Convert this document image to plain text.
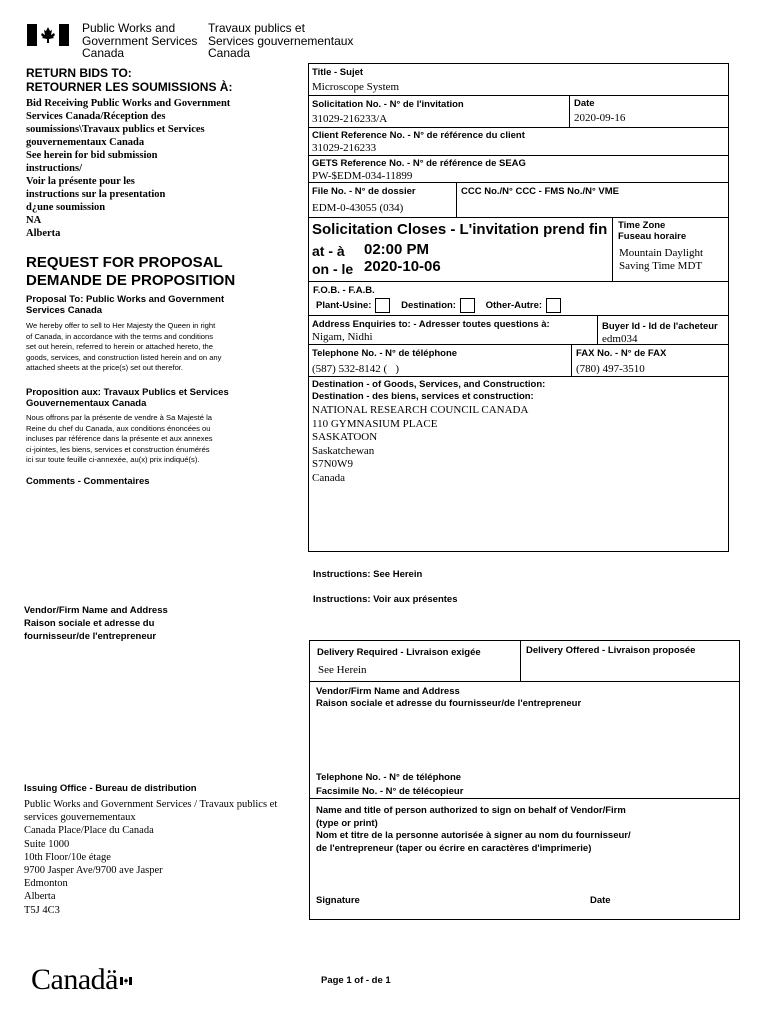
Public Works and
Government Services
Canada
Travaux publics et
Services gouvernementaux
Canada
RETURN BIDS TO:
RETOURNER LES SOUMISSIONS À:
Bid Receiving Public Works and Government
Services Canada/Réception des
soumissions\Travaux publics et Services
gouvernementaux Canada
See herein for bid submission
instructions/
Voir la présente pour les
instructions sur la presentation
d¿une soumission
NA
Alberta
REQUEST FOR PROPOSAL
DEMANDE DE PROPOSITION
Proposal To: Public Works and Government Services Canada
We hereby offer to sell to Her Majesty the Queen in right
of Canada, in accordance with the terms and conditions
set out herein, referred to herein or attached hereto, the
goods, services, and construction listed herein and on any
attached sheets at the price(s) set out therefor.
Proposition aux: Travaux Publics et Services
Gouvernementaux Canada
Nous offrons par la présente de vendre à Sa Majesté la
Reine du chef du Canada, aux conditions énoncées ou
incluses par référence dans la présente et aux annexes
ci-jointes, les biens, services et construction énumérés
ici sur toute feuille ci-annexée, au(x) prix indiqué(s).
Comments - Commentaires
Vendor/Firm Name and Address
Raison sociale et adresse du
fournisseur/de l'entrepreneur
Issuing Office - Bureau de distribution
Public Works and Government Services / Travaux publics et
services gouvernementaux
Canada Place/Place du Canada
Suite 1000
10th Floor/10e étage
9700 Jasper Ave/9700 ave Jasper
Edmonton
Alberta
T5J 4C3
Title - Sujet
Microscope System
Solicitation No. - N° de l'invitation
31029-216233/A
Date
2020-09-16
Client Reference No. - N° de référence du client
31029-216233
GETS Reference No. - N° de référence de SEAG
PW-$EDM-034-11899
File No. - N° de dossier
EDM-0-43055 (034)
CCC No./N° CCC - FMS No./N° VME
Solicitation Closes - L'invitation prend fin
at - à 02:00 PM
on - le 2020-10-06
Time Zone
Fuseau horaire
Mountain Daylight
Saving Time MDT
F.O.B. - F.A.B.
Plant-Usine:	Destination:	Other-Autre:
Address Enquiries to: - Adresser toutes questions à:
Nigam, Nidhi
Buyer Id - Id de l'acheteur
edm034
Telephone No. - N° de téléphone
(587) 532-8142 (   )
FAX No. - N° de FAX
(780) 497-3510
Destination - of Goods, Services, and Construction:
Destination - des biens, services et construction:
NATIONAL RESEARCH COUNCIL CANADA
110 GYMNASIUM PLACE
SASKATOON
Saskatchewan
S7N0W9
Canada
Instructions: See Herein
Instructions: Voir aux présentes
Delivery Required - Livraison exigée
See Herein
Delivery Offered - Livraison proposée
Vendor/Firm Name and Address
Raison sociale et adresse du fournisseur/de l'entrepreneur
Telephone No. - N° de téléphone
Facsimile No. - N° de télécopieur
Name and title of person authorized to sign on behalf of Vendor/Firm
(type or print)
Nom et titre de la personne autorisée à signer au nom du fournisseur/
de l'entrepreneur (taper ou écrire en caractères d'imprimerie)
Signature	Date
Canadä	Page 1 of - de 1
